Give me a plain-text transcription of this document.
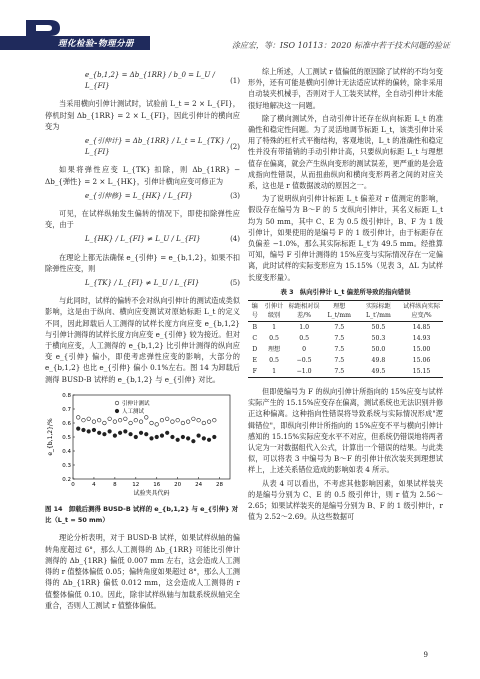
理化检验-物理分册	涂应宏，等：ISO 10113：2020 标准中若干技术问题的验证
e_{b,1,2} = Δb_{1RR} / b_0 = L_U / L_{FI}
(1)

当采用横向引伸计测试时，试验前 L_t = 2 × L_{FI}，停机时刻 Δb_{1RR} = 2 × L_{FI}，因此引伸计的横向应变为

e_{引伸计} = Δb_{1RR} / L_t = L_{TK} / L_{FI}
(2)

如果将弹性应变 L_{TK} 扣除，则 Δb_{1RR} − Δb_{弹性} = 2 × L_{HK}，引伸计横向应变可修正为

e_{引伸修} = L_{HK} / L_{FI}	(3)

可见，在试样纵轴发生偏转的情况下，即使扣除弹性应变，由于

L_{HK} / L_{FI} ≠ L_U / L_{FI}	(4)

在理论上都无法确保 e_{引伸} = e_{b,1,2}，如果不扣除弹性应变，则

L_{TK} / L_{FI} ≠ L_U / L_{FI}	(5)

与此同时，试样的偏转不会对纵向引伸计的测试造成类似影响，这是由于纵向、横向应变测试对原始标距 L_t 的定义不同，因此卸载后人工测得的试样长度方向应变 e_{b,1,2} 与引伸计测得的试样长度方向应变 e_{引伸} 较为接近。但对于横向应变，人工测得的 e_{b,1,2} 比引伸计测得的纵向应变 e_{引伸} 偏小，即使考虑弹性应变的影响，大部分的 e_{b,1,2} 也比 e_{引伸} 偏小 0.1%左右。图 14 为卸载后测得 BUSD-B 试样的 e_{b,1,2} 与 e_{引伸} 对比。

0	4	8	12	16	20	24	28
0.2
0.3
0.4
0.5
0.6
0.7
0.8
试验夹具代码
e_{b,1,2}/%
引伸计测试
人工测试
图 14　卸载后测得 BUSD-B 试样的 e_{b,1,2} 与 e_{引伸} 对比（L_t = 50 mm）

理论分析表明，对于 BUSD-B 试样，如果试样纵轴的偏转角度超过 6°，那么人工测得的 Δb_{1RR} 可能比引伸计测得的 Δb_{1RR} 偏低 0.007 mm 左右，这会造成人工测得的 r 值整体偏低 0.05；偏转角度如果超过 8°，那么人工测得的 Δb_{1RR} 偏低 0.012 mm，这会造成人工测得的 r 值整体偏低 0.10。因此，除非试样纵轴与加载系统纵轴完全重合，否则人工测试 r 值整体偏低。

综上所述，人工测试 r 值偏低的原因除了试样的不均匀变形外，还有可能是横向引伸计无法适应试样的偏转，除非采用自动装夹机械手，否则对于人工装夹试样，全自动引伸计未能很好地解决这一问题。

除了横向测试外，自动引伸计还存在纵向标距 L_t 的准确性和稳定性问题。为了灵活地调节标距 L_t，该类引伸计采用了特殊的杠杆式平衡结构，客观地说，L_t 的准确性和稳定性并没有带插销的手动引伸计高，只要纵向标距 L_t 与理想值存在偏离，就会产生纵向变形的测试误差，更严重的是会造成指向性错误，从而扭曲纵向和横向变形两者之间的对应关系，这也是 r 值数据波动的原因之一。

为了说明纵向引伸计标距 L_t 偏差对 r 值测定的影响，假设存在编号为 B～F 的 5 支纵向引伸计，其名义标距 L_t 均为 50 mm，其中 C、E 为 0.5 级引伸计，B、F 为 1 级引伸计，如果使用的是编号 F 的 1 级引伸计，由于标距存在负偏差 −1.0%，那么其实际标距 L_t′为 49.5 mm。经推算可知，编号 F 引伸计测得的 15%应变与实际情况存在一定偏离，此时试样的实际变形应为 15.15%（见表 3，ΔL 为试样长度变形量）。

表 3　纵向引伸计 L_t 偏差所导致的指向错误
编号	引伸计级别	标距相对误差/%	理想 L_t/mm	实际标距 L_t′/mm	试样纵向实际应变/%
B	1	1.0	7.5	50.5	14.85
C	0.5	0.5	7.5	50.3	14.93
D	理想	0	7.5	50.0	15.00
E	0.5	−0.5	7.5	49.8	15.06
F	1	−1.0	7.5	49.5	15.15

但即使编号为 F 的纵向引伸计所指向的 15%应变与试样实际产生的 15.15%应变存在偏离，测试系统也无法识别并修正这种偏离。这种指向性错误将导致系统与实际情况形成"逻辑错位"，即纵向引伸计所指向的 15%应变不平与横向引伸计感知的 15.15%实际应变水平不对应，但系统仍错误地将两者认定为一对数据组代入公式，计算出一个错误的结果。与此类似，可以将表 3 中编号为 B～F 的引伸计依次装夹到理想试样上，上述关系错位造成的影响如表 4 所示。

从表 4 可以看出，不考虑其他影响因素，如果试样装夹的是编号分别为 C、E 的 0.5 级引伸计，则 r 值为 2.56～2.65；如果试样装夹的是编号分别为 B、F 的 1 级引伸计，r 值为 2.52～2.69。从这些数据可

9
